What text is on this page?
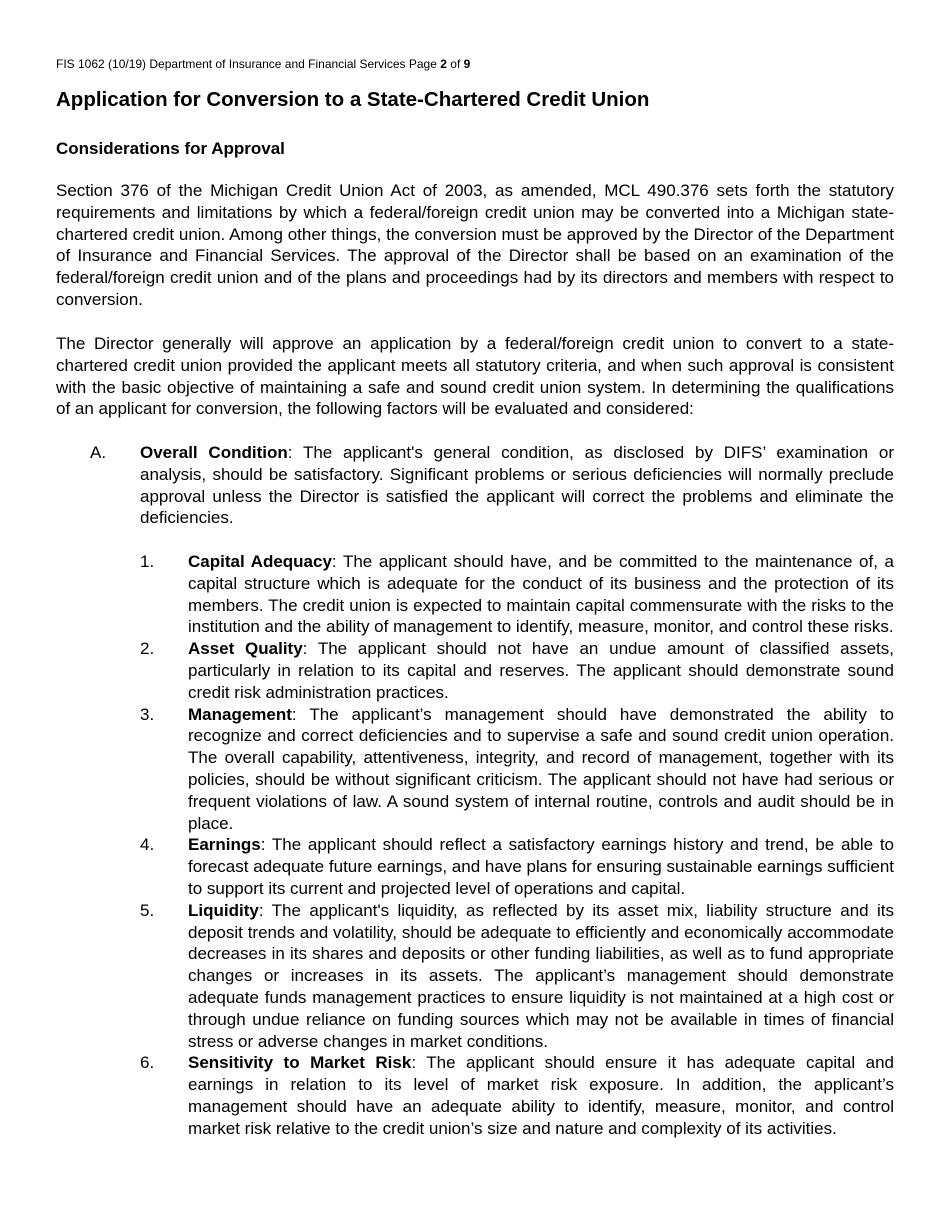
FIS 1062 (10/19) Department of Insurance and Financial Services Page 2 of 9
Application for Conversion to a State-Chartered Credit Union
Considerations for Approval

Section 376 of the Michigan Credit Union Act of 2003, as amended, MCL 490.376 sets forth the statutory requirements and limitations by which a federal/foreign credit union may be converted into a Michigan state-chartered credit union. Among other things, the conversion must be approved by the Director of the Department of Insurance and Financial Services. The approval of the Director shall be based on an examination of the federal/foreign credit union and of the plans and proceedings had by its directors and members with respect to conversion.

The Director generally will approve an application by a federal/foreign credit union to convert to a state-chartered credit union provided the applicant meets all statutory criteria, and when such approval is consistent with the basic objective of maintaining a safe and sound credit union system. In determining the qualifications of an applicant for conversion, the following factors will be evaluated and considered:

A. Overall Condition: The applicant's general condition, as disclosed by DIFS’ examination or analysis, should be satisfactory. Significant problems or serious deficiencies will normally preclude approval unless the Director is satisfied the applicant will correct the problems and eliminate the deficiencies.
1. Capital Adequacy: The applicant should have, and be committed to the maintenance of, a capital structure which is adequate for the conduct of its business and the protection of its members. The credit union is expected to maintain capital commensurate with the risks to the institution and the ability of management to identify, measure, monitor, and control these risks.
2. Asset Quality: The applicant should not have an undue amount of classified assets, particularly in relation to its capital and reserves. The applicant should demonstrate sound credit risk administration practices.
3. Management: The applicant’s management should have demonstrated the ability to recognize and correct deficiencies and to supervise a safe and sound credit union operation. The overall capability, attentiveness, integrity, and record of management, together with its policies, should be without significant criticism. The applicant should not have had serious or frequent violations of law. A sound system of internal routine, controls and audit should be in place.
4. Earnings: The applicant should reflect a satisfactory earnings history and trend, be able to forecast adequate future earnings, and have plans for ensuring sustainable earnings sufficient to support its current and projected level of operations and capital.
5. Liquidity: The applicant's liquidity, as reflected by its asset mix, liability structure and its deposit trends and volatility, should be adequate to efficiently and economically accommodate decreases in its shares and deposits or other funding liabilities, as well as to fund appropriate changes or increases in its assets. The applicant’s management should demonstrate adequate funds management practices to ensure liquidity is not maintained at a high cost or through undue reliance on funding sources which may not be available in times of financial stress or adverse changes in market conditions.
6. Sensitivity to Market Risk: The applicant should ensure it has adequate capital and earnings in relation to its level of market risk exposure. In addition, the applicant’s management should have an adequate ability to identify, measure, monitor, and control market risk relative to the credit union’s size and nature and complexity of its activities.
